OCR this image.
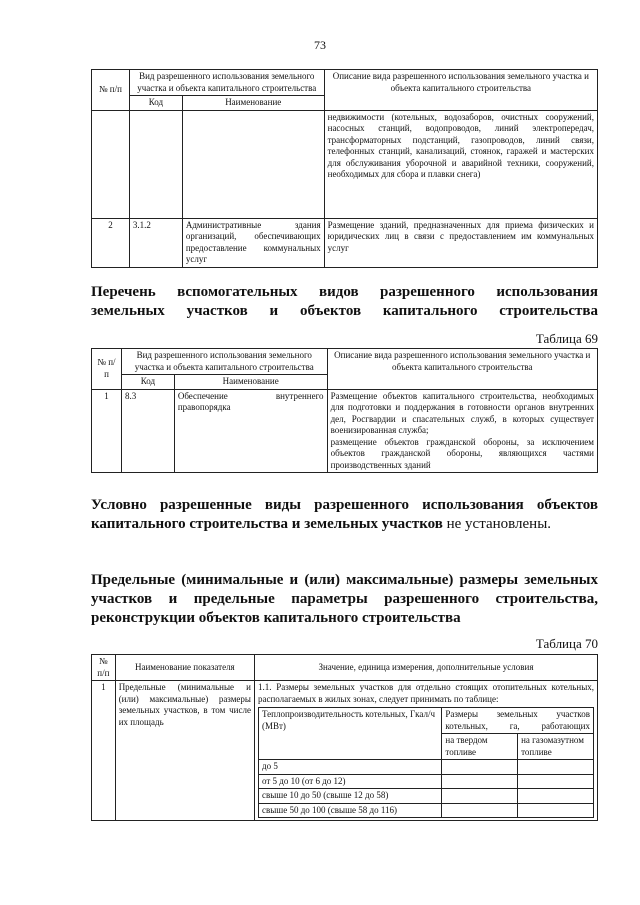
73
№ п/п	Вид разрешенного использования земельного участка и объекта капитального строительства		Описание вида разрешенного использования земельного участка и объекта капитального строительства
	Код	Наименование	
			недвижимости (котельных, водозаборов, очистных сооружений, насосных станций, водопроводов, линий электропередач, трансформаторных подстанций, газопроводов, линий связи, телефонных станций, канализаций, стоянок, гаражей и мастерских для обслуживания уборочной и аварийной техники, сооружений, необходимых для сбора и плавки снега)
2	3.1.2	Административные здания организаций, обеспечивающих предоставление коммунальных услуг	Размещение зданий, предназначенных для приема физических и юридических лиц в связи с предоставлением им коммунальных услуг
Перечень вспомогательных видов разрешенного использования земельных участков и объектов капитального строительства
Таблица 69
№ п/п	Вид разрешенного использования земельного участка и объекта капитального строительства		Описание вида разрешенного использования земельного участка и объекта капитального строительства
	Код	Наименование	
1	8.3	Обеспечение внутреннего правопорядка	Размещение объектов капитального строительства, необходимых для подготовки и поддержания в готовности органов внутренних дел, Росгвардии и спасательных служб, в которых существует военизированная служба;

размещение объектов гражданской обороны, за исключением объектов гражданской обороны, являющихся частями производственных зданий

Условно разрешенные виды разрешенного использования объектов капитального строительства и земельных участков не установлены.
Предельные (минимальные и (или) максимальные) размеры земельных участков и предельные параметры разрешенного строительства, реконструкции объектов капитального строительства
Таблица 70
№ п/п	Наименование показателя	Значение, единица измерения, дополнительные условия
1	Предельные (минимальные и (или) максимальные) размеры земельных участков, в том числе их площадь	
1.1. Размеры земельных участков для отдельно стоящих отопительных котельных, располагаемых в жилых зонах, следует принимать по таблице:
Теплопроизводительность котельных, Гкал/ч (МВт)	Размеры земельных участков котельных, га, работающих
на твердом топливе	на газомазутном топливе
до 5		
от 5 до 10 (от 6 до 12)		
свыше 10 до 50 (свыше 12 до 58)		
свыше 50 до 100 (свыше 58 до 116)		
